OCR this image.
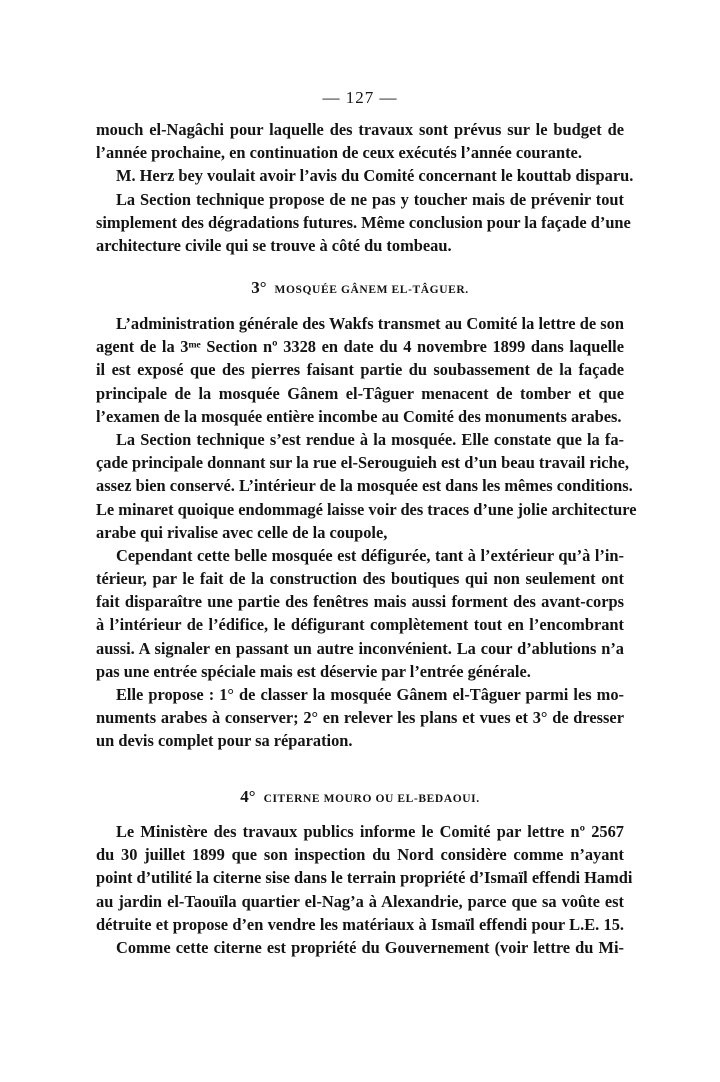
— 127 —
mouch el-Nagâchi pour laquelle des travaux sont prévus sur le budget de
l’année prochaine, en continuation de ceux exécutés l’année courante.
M. Herz bey voulait avoir l’avis du Comité concernant le kouttab disparu.
La Section technique propose de ne pas y toucher mais de prévenir tout
simplement des dégradations futures. Même conclusion pour la façade d’une
architecture civile qui se trouve à côté du tombeau.
3° MOSQUÉE GÂNEM EL-TÂGUER.
L’administration générale des Wakfs transmet au Comité la lettre de son
agent de la 3ᵐᵉ Section nº 3328 en date du 4 novembre 1899 dans laquelle
il est exposé que des pierres faisant partie du soubassement de la façade
principale de la mosquée Gânem el-Tâguer menacent de tomber et que
l’examen de la mosquée entière incombe au Comité des monuments arabes.
La Section technique s’est rendue à la mosquée. Elle constate que la fa-
çade principale donnant sur la rue el-Serouguieh est d’un beau travail riche,
assez bien conservé. L’intérieur de la mosquée est dans les mêmes conditions.
Le minaret quoique endommagé laisse voir des traces d’une jolie architecture
arabe qui rivalise avec celle de la coupole,
Cependant cette belle mosquée est défigurée, tant à l’extérieur qu’à l’in-
térieur, par le fait de la construction des boutiques qui non seulement ont
fait disparaître une partie des fenêtres mais aussi forment des avant-corps
à l’intérieur de l’édifice, le défigurant complètement tout en l’encombrant
aussi. A signaler en passant un autre inconvénient. La cour d’ablutions n’a
pas une entrée spéciale mais est déservie par l’entrée générale.
Elle propose : 1° de classer la mosquée Gânem el-Tâguer parmi les mo-
numents arabes à conserver; 2° en relever les plans et vues et 3° de dresser
un devis complet pour sa réparation.
4° CITERNE MOURO OU EL-BEDAOUI.
Le Ministère des travaux publics informe le Comité par lettre nº 2567
du 30 juillet 1899 que son inspection du Nord considère comme n’ayant
point d’utilité la citerne sise dans le terrain propriété d’Ismaïl effendi Hamdi
au jardin el-Taouïla quartier el-Nag’a à Alexandrie, parce que sa voûte est
détruite et propose d’en vendre les matériaux à Ismaïl effendi pour L.E. 15.
Comme cette citerne est propriété du Gouvernement (voir lettre du Mi-
